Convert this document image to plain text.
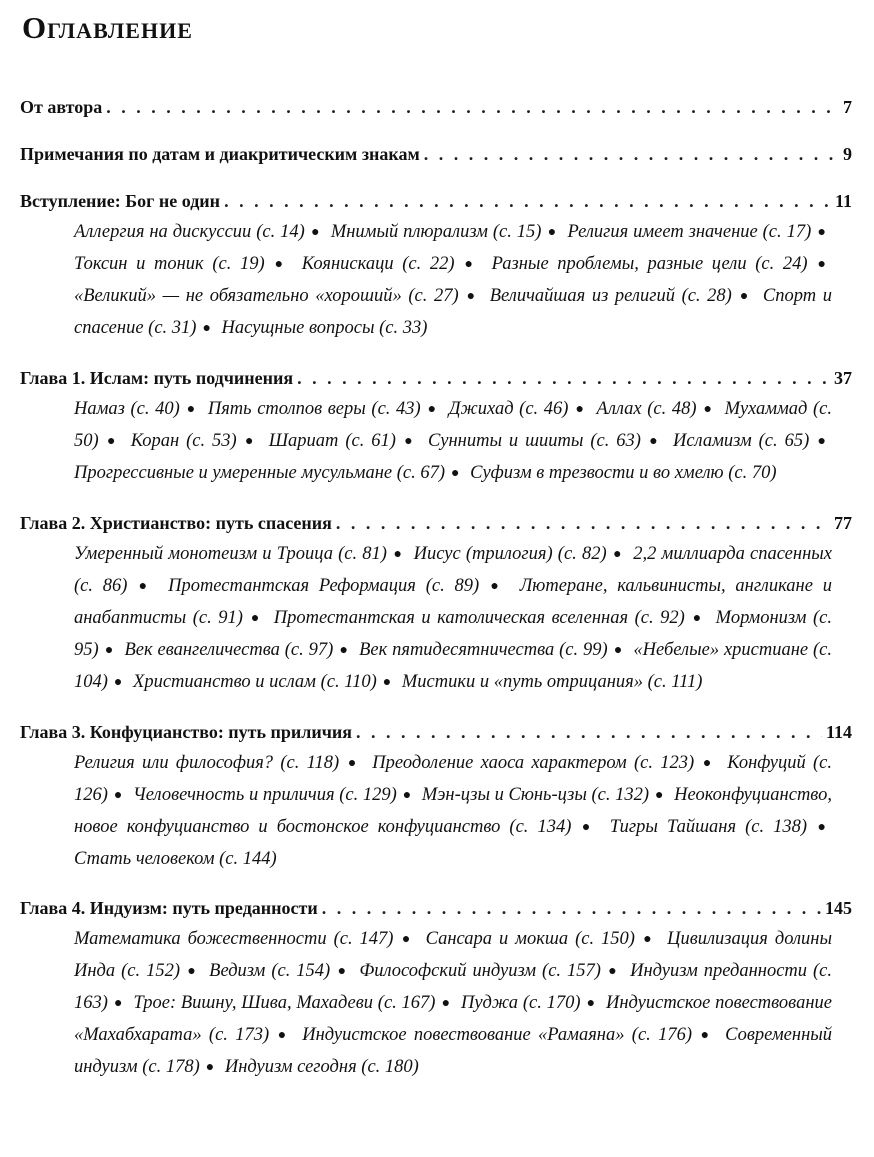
Оглавление
От автора . . .	7
Примечания по датам и диакритическим знакам . . .	9
Вступление: Бог не один . . .	11
Аллергия на дискуссии (с. 14) ● Мнимый плюрализм (с. 15) ● Религия имеет значение (с. 17) ● Токсин и тоник (с. 19) ● Коянискаци (с. 22) ● Разные проблемы, разные цели (с. 24) ● «Великий» — не обязательно «хороший» (с. 27) ● Величайшая из религий (с. 28) ● Спорт и спасение (с. 31) ● Насущные вопросы (с. 33)
Глава 1. Ислам: путь подчинения . . .	37
Намаз (с. 40) ● Пять столпов веры (с. 43) ● Джихад (с. 46) ● Аллах (с. 48) ● Мухаммад (с. 50) ● Коран (с. 53) ● Шариат (с. 61) ● Сунниты и шииты (с. 63) ● Исламизм (с. 65) ● Прогрессивные и умеренные мусульмане (с. 67) ● Суфизм в трезвости и во хмелю (с. 70)
Глава 2. Христианство: путь спасения . . .	77
Умеренный монотеизм и Троица (с. 81) ● Иисус (трилогия) (с. 82) ● 2,2 миллиарда спасенных (с. 86) ● Протестантская Реформация (с. 89) ● Лютеране, кальвинисты, англикане и анабаптисты (с. 91) ● Протестантская и католическая вселенная (с. 92) ● Мормонизм (с. 95) ● Век евангеличества (с. 97) ● Век пятидесятничества (с. 99) ● «Небелые» христиане (с. 104) ● Христианство и ислам (с. 110) ● Мистики и «путь отрицания» (с. 111)
Глава 3. Конфуцианство: путь приличия . . .	114
Религия или философия? (с. 118) ● Преодоление хаоса характером (с. 123) ● Конфуций (с. 126) ● Человечность и приличия (с. 129) ● Мэн-цзы и Сюнь-цзы (с. 132) ● Неоконфуцианство, новое конфуцианство и бостонское конфуцианство (с. 134) ● Тигры Тайшаня (с. 138) ● Стать человеком (с. 144)
Глава 4. Индуизм: путь преданности . . .	145
Математика божественности (с. 147) ● Сансара и мокша (с. 150) ● Цивилизация долины Инда (с. 152) ● Ведизм (с. 154) ● Философский индуизм (с. 157) ● Индуизм преданности (с. 163) ● Трое: Вишну, Шива, Махадеви (с. 167) ● Пуджа (с. 170) ● Индуистское повествование «Махабхарата» (с. 173) ● Индуистское повествование «Рамаяна» (с. 176) ● Современный индуизм (с. 178) ● Индуизм сегодня (с. 180)
